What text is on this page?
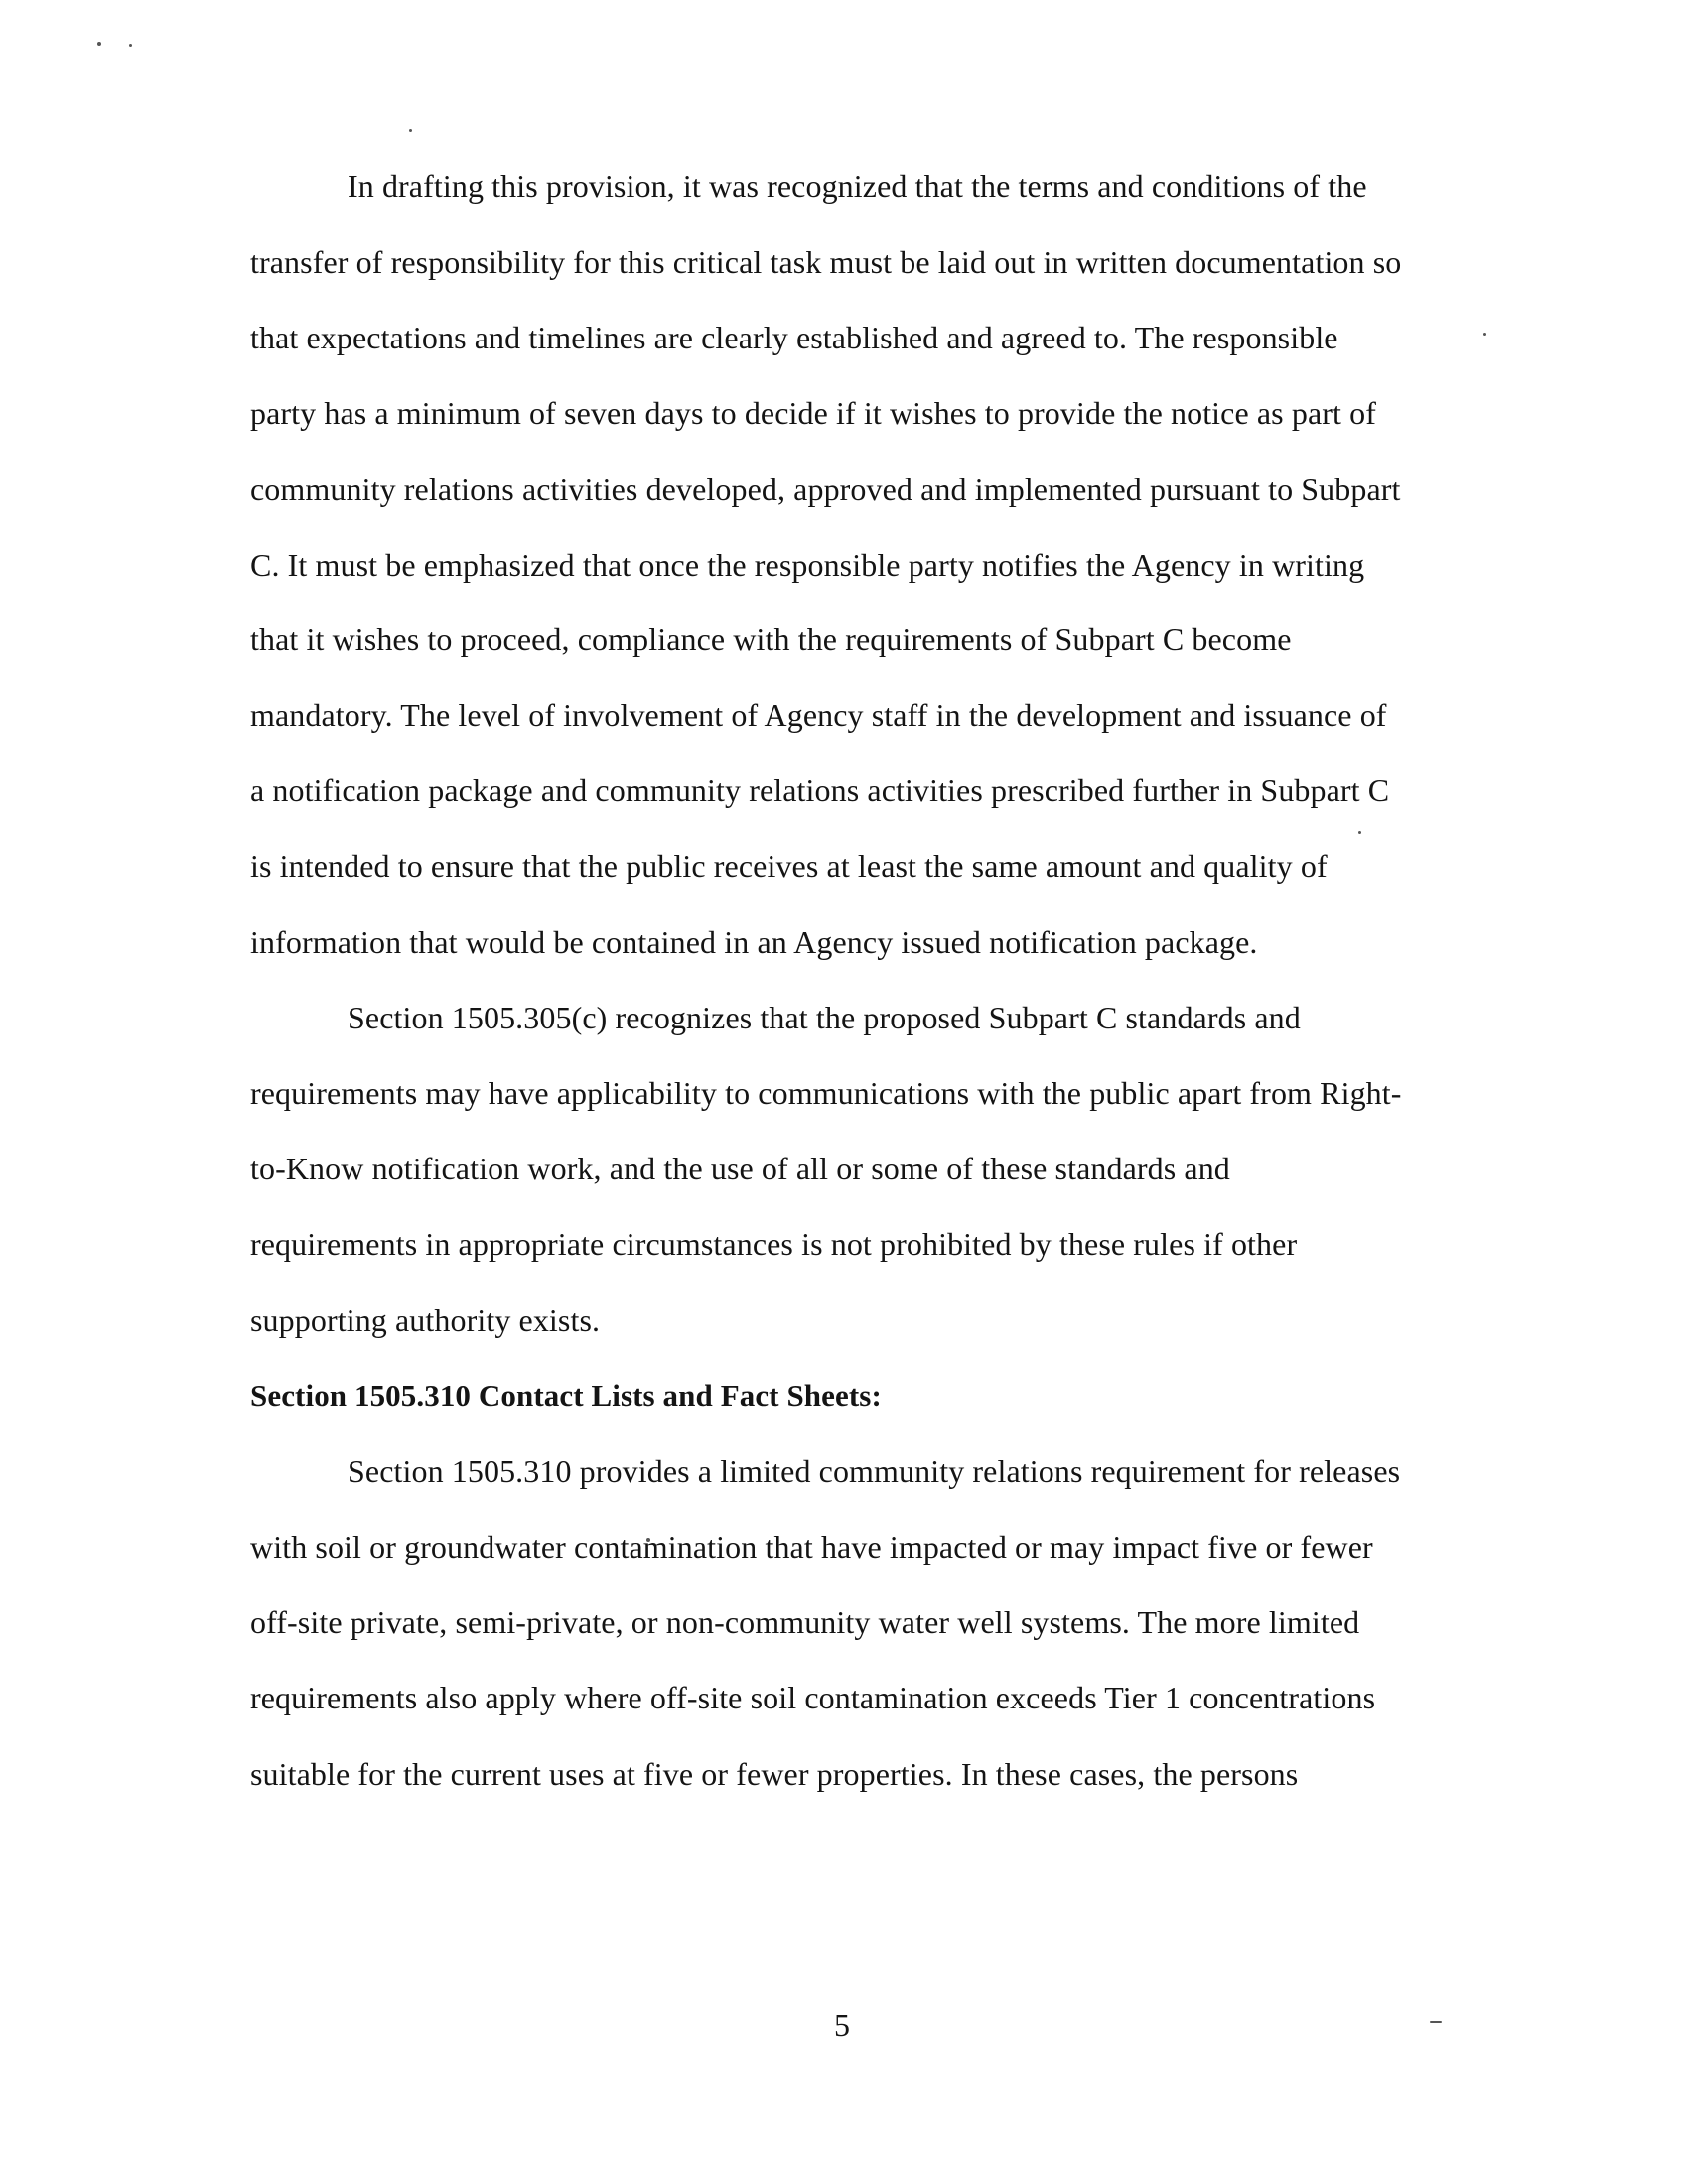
In drafting this provision, it was recognized that the terms and conditions of the
transfer of responsibility for this critical task must be laid out in written documentation so
that expectations and timelines are clearly established and agreed to. The responsible
party has a minimum of seven days to decide if it wishes to provide the notice as part of
community relations activities developed, approved and implemented pursuant to Subpart
C. It must be emphasized that once the responsible party notifies the Agency in writing
that it wishes to proceed, compliance with the requirements of Subpart C become
mandatory. The level of involvement of Agency staff in the development and issuance of
a notification package and community relations activities prescribed further in Subpart C
is intended to ensure that the public receives at least the same amount and quality of
information that would be contained in an Agency issued notification package.
Section 1505.305(c) recognizes that the proposed Subpart C standards and
requirements may have applicability to communications with the public apart from Right-
to-Know notification work, and the use of all or some of these standards and
requirements in appropriate circumstances is not prohibited by these rules if other
supporting authority exists.
Section 1505.310 Contact Lists and Fact Sheets:
Section 1505.310 provides a limited community relations requirement for releases
with soil or groundwater contamination that have impacted or may impact five or fewer
off-site private, semi-private, or non-community water well systems. The more limited
requirements also apply where off-site soil contamination exceeds Tier 1 concentrations
suitable for the current uses at five or fewer properties. In these cases, the persons
5
